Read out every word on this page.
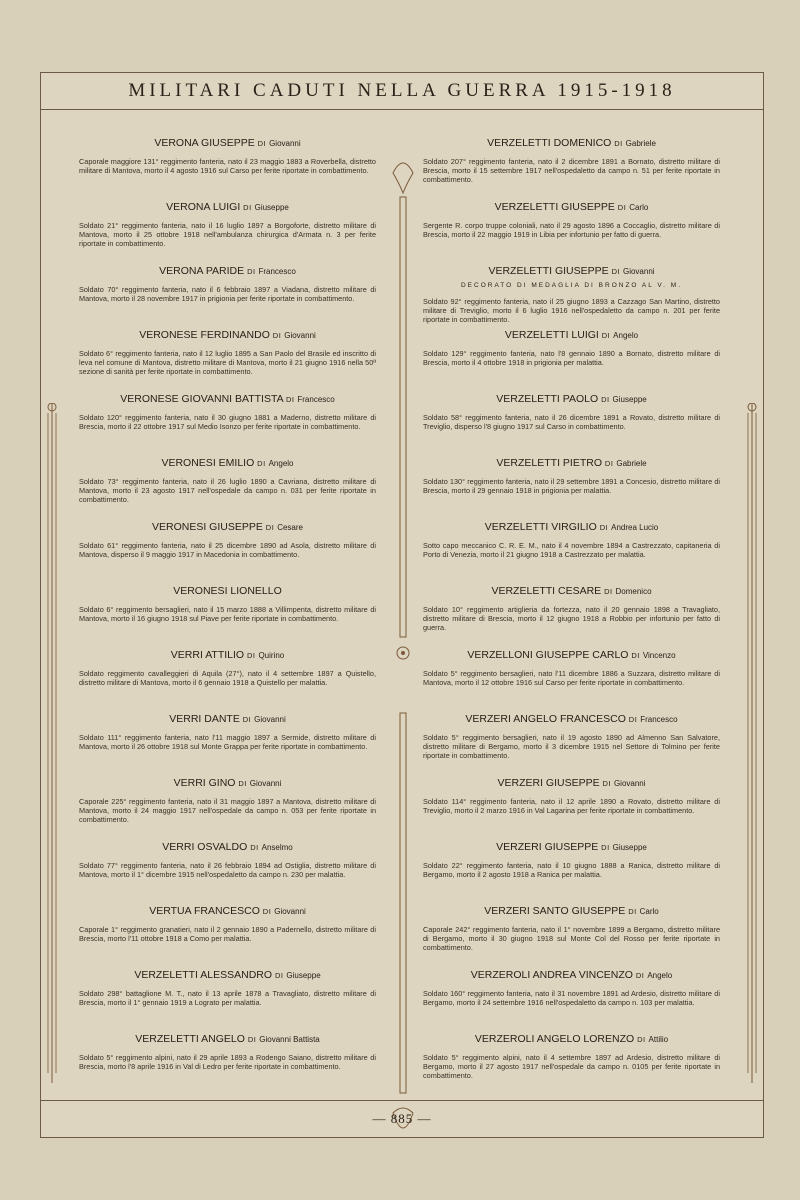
MILITARI CADUTI NELLA GUERRA 1915-1918
VERONA GIUSEPPE DI Giovanni
Caporale maggiore 131° reggimento fanteria, nato il 23 maggio 1883 a Roverbella, distretto militare di Mantova, morto il 4 agosto 1916 sul Carso per ferite riportate in combattimento.
VERONA LUIGI DI Giuseppe
Soldato 21° reggimento fanteria, nato il 16 luglio 1897 a Borgoforte, distretto militare di Mantova, morto il 25 ottobre 1918 nell'ambulanza chirurgica d'Armata n. 3 per ferite riportate in combattimento.
VERONA PARIDE DI Francesco
Soldato 70° reggimento fanteria, nato il 6 febbraio 1897 a Viadana, distretto militare di Mantova, morto il 28 novembre 1917 in prigionia per ferite riportate in combattimento.
VERONESE FERDINANDO DI Giovanni
Soldato 6° reggimento fanteria, nato il 12 luglio 1895 a San Paolo del Brasile ed inscritto di leva nel comune di Mantova, distretto militare di Mantova, morto il 21 giugno 1916 nella 50ª sezione di sanità per ferite riportate in combattimento.
VERONESE GIOVANNI BATTISTA DI Francesco
Soldato 120° reggimento fanteria, nato il 30 giugno 1881 a Maderno, distretto militare di Brescia, morto il 22 ottobre 1917 sul Medio Isonzo per ferite riportate in combattimento.
VERONESI EMILIO DI Angelo
Soldato 73° reggimento fanteria, nato il 26 luglio 1890 a Cavriana, distretto militare di Mantova, morto il 23 agosto 1917 nell'ospedale da campo n. 031 per ferite riportate in combattimento.
VERONESI GIUSEPPE DI Cesare
Soldato 61° reggimento fanteria, nato il 25 dicembre 1890 ad Asola, distretto militare di Mantova, disperso il 9 maggio 1917 in Macedonia in combattimento.
VERONESI LIONELLO
Soldato 6° reggimento bersaglieri, nato il 15 marzo 1888 a Villimpenta, distretto militare di Mantova, morto il 16 giugno 1918 sul Piave per ferite riportate in combattimento.
VERRI ATTILIO DI Quirino
Soldato reggimento cavalleggieri di Aquila (27°), nato il 4 settembre 1897 a Quistello, distretto militare di Mantova, morto il 6 gennaio 1918 a Quistello per malattia.
VERRI DANTE DI Giovanni
Soldato 111° reggimento fanteria, nato l'11 maggio 1897 a Sermide, distretto militare di Mantova, morto il 26 ottobre 1918 sul Monte Grappa per ferite riportate in combattimento.
VERRI GINO DI Giovanni
Caporale 225° reggimento fanteria, nato il 31 maggio 1897 a Mantova, distretto militare di Mantova, morto il 24 maggio 1917 nell'ospedale da campo n. 053 per ferite riportate in combattimento.
VERRI OSVALDO DI Anselmo
Soldato 77° reggimento fanteria, nato il 26 febbraio 1894 ad Ostiglia, distretto militare di Mantova, morto il 1° dicembre 1915 nell'ospedaletto da campo n. 230 per malattia.
VERTUA FRANCESCO DI Giovanni
Caporale 1° reggimento granatieri, nato il 2 gennaio 1890 a Padernello, distretto militare di Brescia, morto l'11 ottobre 1918 a Como per malattia.
VERZELETTI ALESSANDRO DI Giuseppe
Soldato 298° battaglione M. T., nato il 13 aprile 1878 a Travagliato, distretto militare di Brescia, morto il 1° gennaio 1919 a Lograto per malattia.
VERZELETTI ANGELO DI Giovanni Battista
Soldato 5° reggimento alpini, nato il 29 aprile 1893 a Rodengo Saiano, distretto militare di Brescia, morto l'8 aprile 1916 in Val di Ledro per ferite riportate in combattimento.
VERZELETTI DOMENICO DI Gabriele
Soldato 207° reggimento fanteria, nato il 2 dicembre 1891 a Bornato, distretto militare di Brescia, morto il 15 settembre 1917 nell'ospedaletto da campo n. 51 per ferite riportate in combattimento.
VERZELETTI GIUSEPPE DI Carlo
Sergente R. corpo truppe coloniali, nato il 29 agosto 1896 a Coccaglio, distretto militare di Brescia, morto il 22 maggio 1919 in Libia per infortunio per fatto di guerra.
VERZELETTI GIUSEPPE DI Giovanni
DECORATO DI MEDAGLIA DI BRONZO AL V. M.
Soldato 92° reggimento fanteria, nato il 25 giugno 1893 a Cazzago San Martino, distretto militare di Treviglio, morto il 6 luglio 1916 nell'ospedaletto da campo n. 201 per ferite riportate in combattimento.
VERZELETTI LUIGI DI Angelo
Soldato 129° reggimento fanteria, nato l'8 gennaio 1890 a Bornato, distretto militare di Brescia, morto il 4 ottobre 1918 in prigionia per malattia.
VERZELETTI PAOLO DI Giuseppe
Soldato 58° reggimento fanteria, nato il 26 dicembre 1891 a Rovato, distretto militare di Treviglio, disperso l'8 giugno 1917 sul Carso in combattimento.
VERZELETTI PIETRO DI Gabriele
Soldato 130° reggimento fanteria, nato il 29 settembre 1891 a Concesio, distretto militare di Brescia, morto il 29 gennaio 1918 in prigionia per malattia.
VERZELETTI VIRGILIO DI Andrea Lucio
Sotto capo meccanico C. R. E. M., nato il 4 novembre 1894 a Castrezzato, capitaneria di Porto di Venezia, morto il 21 giugno 1918 a Castrezzato per malattia.
VERZELETTI CESARE DI Domenico
Soldato 10° reggimento artiglieria da fortezza, nato il 20 gennaio 1898 a Travagliato, distretto militare di Brescia, morto il 12 giugno 1918 a Robbio per infortunio per fatto di guerra.
VERZELLONI GIUSEPPE CARLO DI Vincenzo
Soldato 5° reggimento bersaglieri, nato l'11 dicembre 1886 a Suzzara, distretto militare di Mantova, morto il 12 ottobre 1916 sul Carso per ferite riportate in combattimento.
VERZERI ANGELO FRANCESCO DI Francesco
Soldato 5° reggimento bersaglieri, nato il 19 agosto 1890 ad Almenno San Salvatore, distretto militare di Bergamo, morto il 3 dicembre 1915 nel Settore di Tolmino per ferite riportate in combattimento.
VERZERI GIUSEPPE DI Giovanni
Soldato 114° reggimento fanteria, nato il 12 aprile 1890 a Rovato, distretto militare di Treviglio, morto il 2 marzo 1916 in Val Lagarina per ferite riportate in combattimento.
VERZERI GIUSEPPE DI Giuseppe
Soldato 22° reggimento fanteria, nato il 10 giugno 1888 a Ranica, distretto militare di Bergamo, morto il 2 agosto 1918 a Ranica per malattia.
VERZERI SANTO GIUSEPPE DI Carlo
Caporale 242° reggimento fanteria, nato il 1° novembre 1899 a Bergamo, distretto militare di Bergamo, morto il 30 giugno 1918 sul Monte Col del Rosso per ferite riportate in combattimento.
VERZEROLI ANDREA VINCENZO DI Angelo
Soldato 160° reggimento fanteria, nato il 31 novembre 1891 ad Ardesio, distretto militare di Bergamo, morto il 24 settembre 1916 nell'ospedaletto da campo n. 103 per malattia.
VERZEROLI ANGELO LORENZO DI Attilio
Soldato 5° reggimento alpini, nato il 4 settembre 1897 ad Ardesio, distretto militare di Bergamo, morto il 27 agosto 1917 nell'ospedale da campo n. 0105 per ferite riportate in combattimento.
— 885 —
